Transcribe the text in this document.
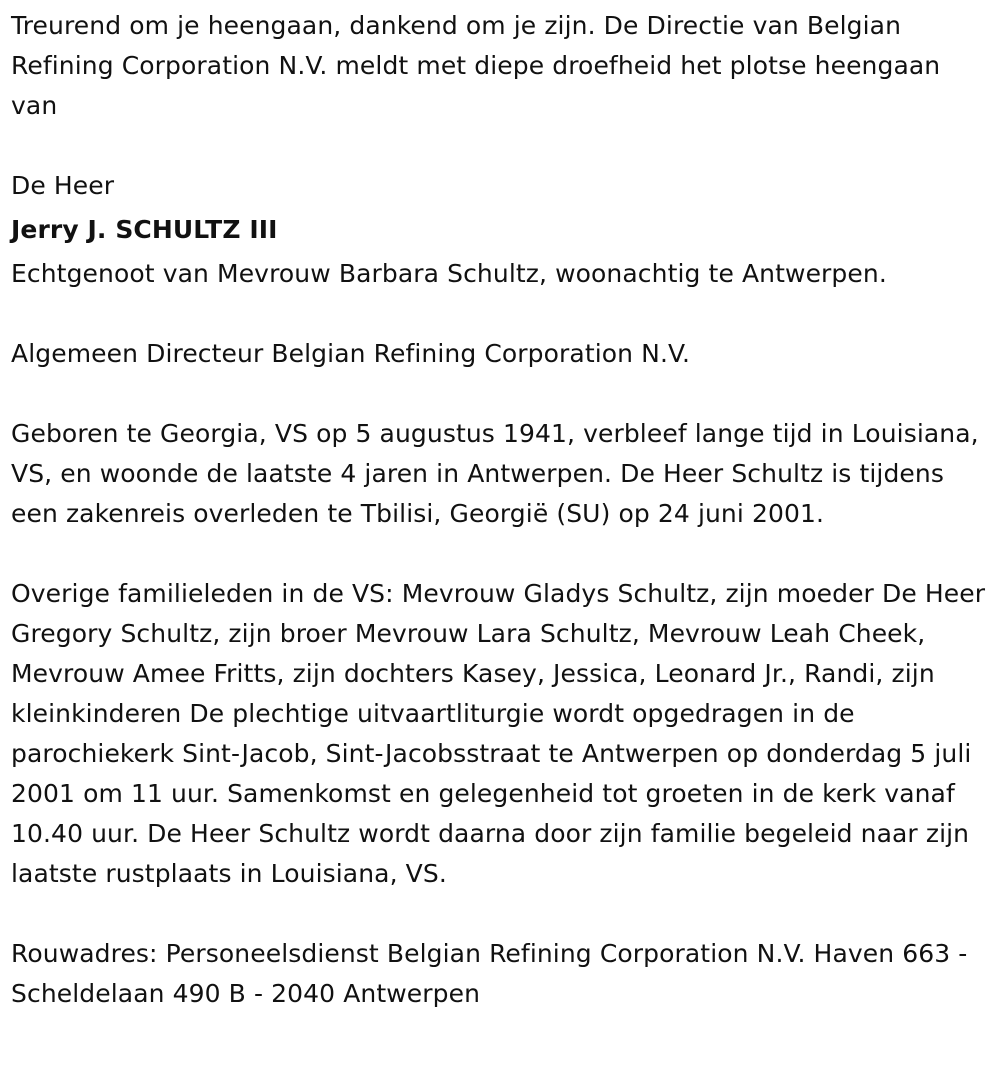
Treurend om je heengaan, dankend om je zijn. De Directie van Belgian Refining Corporation N.V. meldt met diepe droefheid het plotse heengaan van

De Heer

Jerry J. SCHULTZ III

Echtgenoot van Mevrouw Barbara Schultz, woonachtig te Antwerpen.

Algemeen Directeur Belgian Refining Corporation N.V.

Geboren te Georgia, VS op 5 augustus 1941, verbleef lange tijd in Louisiana, VS, en woonde de laatste 4 jaren in Antwerpen. De Heer Schultz is tijdens een zakenreis overleden te Tbilisi, Georgië (SU) op 24 juni 2001.

Overige familieleden in de VS: Mevrouw Gladys Schultz, zijn moeder De Heer Gregory Schultz, zijn broer Mevrouw Lara Schultz, Mevrouw Leah Cheek, Mevrouw Amee Fritts, zijn dochters Kasey, Jessica, Leonard Jr., Randi, zijn kleinkinderen De plechtige uitvaartliturgie wordt opgedragen in de parochiekerk Sint-Jacob, Sint-Jacobsstraat te Antwerpen op donderdag 5 juli 2001 om 11 uur. Samenkomst en gelegenheid tot groeten in de kerk vanaf 10.40 uur. De Heer Schultz wordt daarna door zijn familie begeleid naar zijn laatste rustplaats in Louisiana, VS.

Rouwadres: Personeelsdienst Belgian Refining Corporation N.V. Haven 663 - Scheldelaan 490 B - 2040 Antwerpen
